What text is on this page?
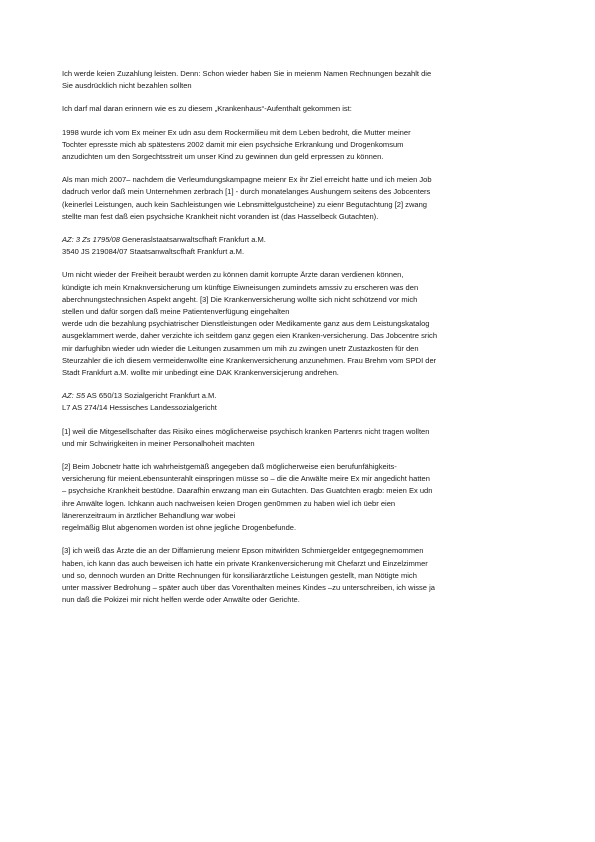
Ich werde keien Zuzahlung leisten. Denn: Schon wieder haben Sie in meienm Namen Rechnungen bezahlt die
Sie ausdrücklich nicht bezahlen sollten
Ich darf mal daran erinnern wie es zu diesem „Krankenhaus“-Aufenthalt gekommen ist:
1998 wurde ich vom Ex meiner Ex udn asu dem Rockermilieu mit dem Leben bedroht, die Mutter meiner
Tochter epresste mich ab spätestens 2002 damit mir eien psychsiche Erkrankung und Drogenkomsum
anzudichten um den Sorgechtsstreit um unser Kind zu gewinnen dun geld erpressen zu können.
Als man mich 2007– nachdem die Verleumdungskampagne meienr Ex ihr Ziel erreicht hatte und ich meien Job
dadruch verlor daß mein Unternehmen zerbrach [1] - durch monatelanges Aushungern seitens des Jobcenters
(keinerlei Leistungen, auch kein Sachleistungen wie Lebnsmittelgustcheine) zu eienr Begutachtung [2] zwang
stellte man fest daß eien psychsiche Krankheit nicht voranden ist (das Hasselbeck Gutachten).
AZ: 3 Zs 1795/08 Generaslstaatsanwaltscfhaft Frankfurt a.M.
3540 JS 219084/07 Staatsanwaltscfhaft Frankfurt a.M.
Um nicht wieder der Freiheit beraubt werden zu können damit korrupte Ärzte daran verdienen können,
kündigte ich mein Krnaknversicherung um künftige Eiwneisungen zumindets amssiv zu erscheren was den
aberchnungstechnsichen Aspekt angeht. [3] Die Krankenversicherung wollte sich nicht schützend vor mich
stellen und dafür sorgen daß meine Patientenverfügung eingehalten
werde udn die bezahlung psychiatrischer Dienstleistungen oder Medikamente ganz aus dem Leistungskatalog
ausgeklammert werde, daher verzichte ich seitdem ganz gegen eien Kranken-versicherung. Das Jobcentre srich
mir darfughibn wieder udn wieder die Leitungen zusammen um mih zu zwingen unetr Zustazkosten für den
Steurzahler die ich diesem vermeidenwollte eine Krankenversicherung anzunehmen. Frau Brehm vom SPDI der
Stadt Frankfurt a.M. wollte mir unbedingt eine DAK Krankenversicjerung andrehen.
AZ: S5 AS 650/13 Sozialgericht Frankfurt a.M.
L7 AS 274/14 Hessisches Landessozialgericht
[1] weil die Mitgesellschafter das Risiko eines möglicherweise psychisch kranken Partenrs nicht tragen wollten
und mir Schwirigkeiten in meiner Personalhoheit machten
[2] Beim Jobcnetr hatte ich wahrheistgemäß angegeben daß möglicherweise eien berufunfähigkeits-
versicherung für meienLebensunterahlt einspringen müsse so – die die Anwälte meire Ex mir angedicht hatten
– psychsiche Krankheit bestüdne. Daarafhin erwzang man ein Gutachten. Das Guatchten eragb: meien Ex udn
ihre Anwälte logen. Ichkann auch nachweisen keien Drogen gen0mmen zu haben wiel ich üebr eien
länerenzeitraum in ärztlicher Behandlung war wobei
regelmäßig Blut abgenomen worden ist ohne jegliche Drogenbefunde.
[3] ich weiß das Ärzte die an der Diffamierung meienr Epson mitwirkten Schmiergelder entgegegnemommen
haben, ich kann das auch beweisen ich hatte ein private Krankenversicherung mit Chefarzt und Einzelzimmer
und so, dennoch wurden an Dritte Rechnungen für konsiliarärztliche Leistungen gestellt, man Nötigte mich
unter massiver Bedrohung – später auch über das Vorenthalten meines Kindes –zu unterschreiben, ich wisse ja
nun daß die Pokizei mir nicht helfen werde oder Anwälte oder Gerichte.
